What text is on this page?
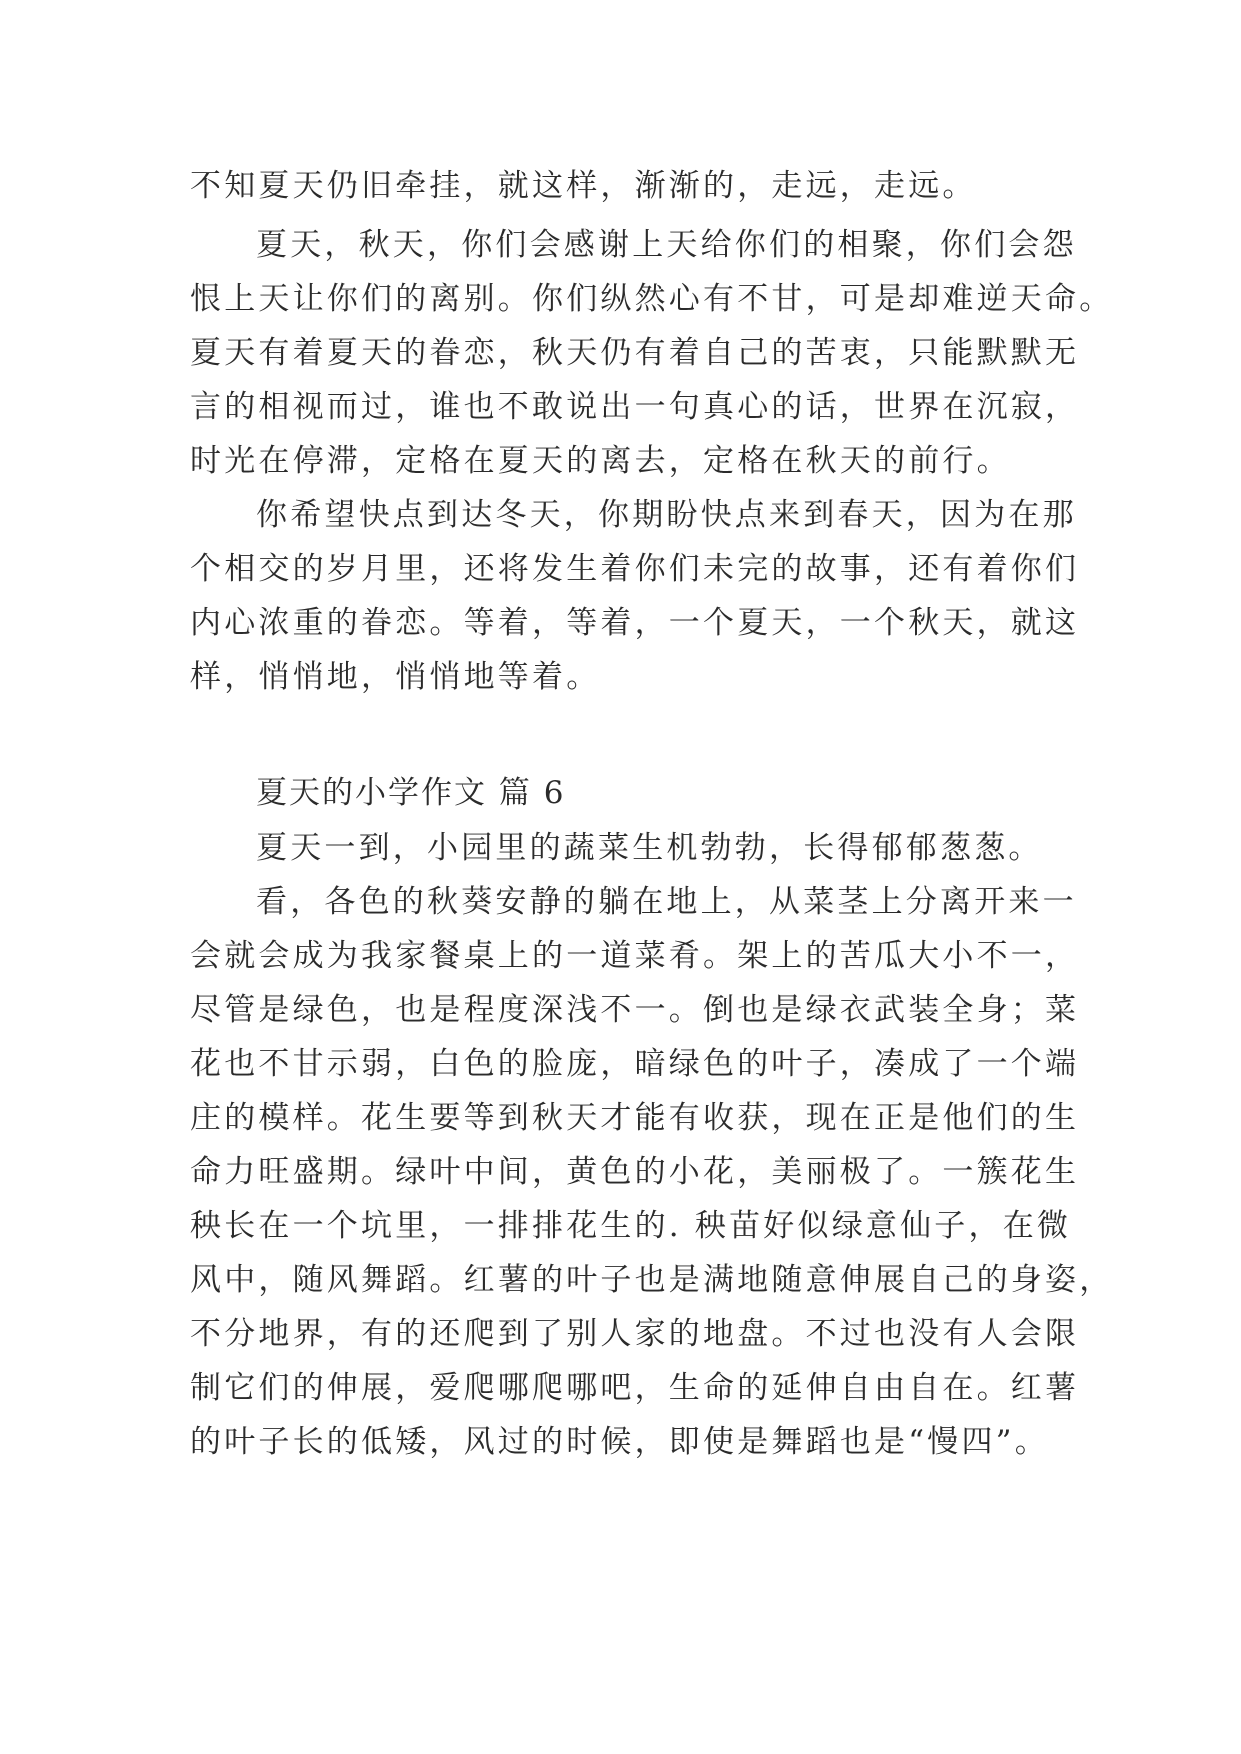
不知夏天仍旧牵挂，就这样，渐渐的，走远，走远。
夏天，秋天，你们会感谢上天给你们的相聚，你们会怨
恨上天让你们的离别。你们纵然心有不甘，可是却难逆天命。
夏天有着夏天的眷恋，秋天仍有着自己的苦衷，只能默默无
言的相视而过，谁也不敢说出一句真心的话，世界在沉寂，
时光在停滞，定格在夏天的离去，定格在秋天的前行。
你希望快点到达冬天，你期盼快点来到春天，因为在那
个相交的岁月里，还将发生着你们未完的故事，还有着你们
内心浓重的眷恋。等着，等着，一个夏天，一个秋天，就这
样，悄悄地，悄悄地等着。
夏天的小学作文 篇 6
夏天一到，小园里的蔬菜生机勃勃，长得郁郁葱葱。
看，各色的秋葵安静的躺在地上，从菜茎上分离开来一
会就会成为我家餐桌上的一道菜肴。架上的苦瓜大小不一，
尽管是绿色，也是程度深浅不一。倒也是绿衣武装全身；菜
花也不甘示弱，白色的脸庞，暗绿色的叶子，凑成了一个端
庄的模样。花生要等到秋天才能有收获，现在正是他们的生
命力旺盛期。绿叶中间，黄色的小花，美丽极了。一簇花生
秧长在一个坑里，一排排花生的. 秧苗好似绿意仙子，在微
风中，随风舞蹈。红薯的叶子也是满地随意伸展自己的身姿，
不分地界，有的还爬到了别人家的地盘。不过也没有人会限
制它们的伸展，爱爬哪爬哪吧，生命的延伸自由自在。红薯
的叶子长的低矮，风过的时候，即使是舞蹈也是“慢四”。
